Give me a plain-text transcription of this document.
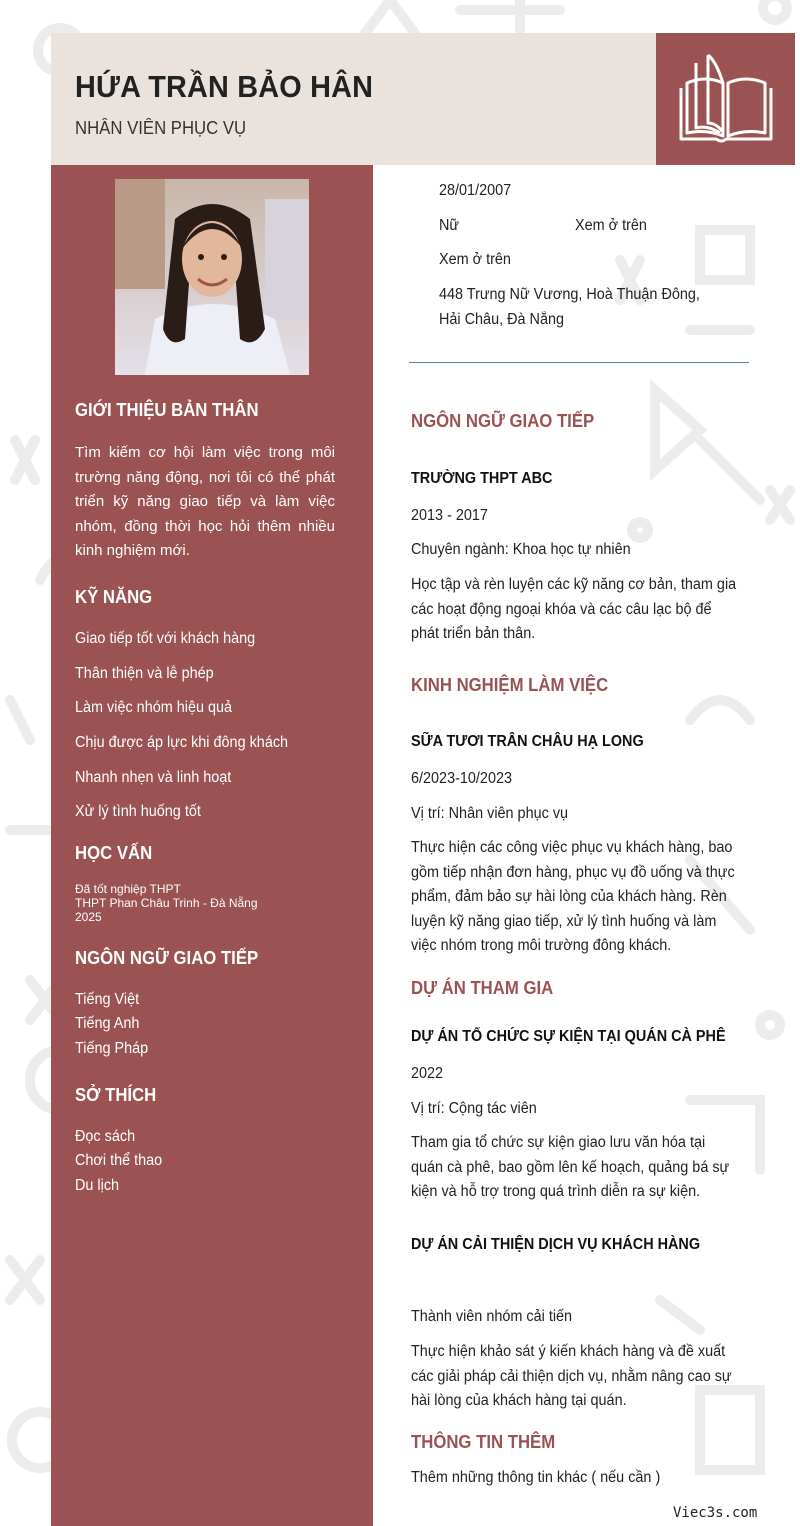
HỨA TRẦN BẢO HÂN
NHÂN VIÊN PHỤC VỤ
GIỚI THIỆU BẢN THÂN
Tìm kiếm cơ hội làm việc trong môi trường năng động, nơi tôi có thể phát triển kỹ năng giao tiếp và làm việc nhóm, đồng thời học hỏi thêm nhiều kinh nghiệm mới.
KỸ NĂNG
Giao tiếp tốt với khách hàng
Thân thiện và lễ phép
Làm việc nhóm hiệu quả
Chịu được áp lực khi đông khách
Nhanh nhẹn và linh hoạt
Xử lý tình huống tốt
HỌC VẤN
Đã tốt nghiệp THPT
THPT Phan Châu Trinh - Đà Nẵng
2025
NGÔN NGỮ GIAO TIẾP
Tiếng Việt
Tiếng Anh
Tiếng Pháp
SỞ THÍCH
Đọc sách
Chơi thể thao
Du lịch
28/01/2007
Nữ	Xem ở trên
Xem ở trên
448 Trưng Nữ Vương, Hoà Thuận Đông,
Hải Châu, Đà Nẵng
NGÔN NGỮ GIAO TIẾP
TRƯỜNG THPT ABC
2013 - 2017
Chuyên ngành: Khoa học tự nhiên
Học tập và rèn luyện các kỹ năng cơ bản, tham gia các hoạt động ngoại khóa và các câu lạc bộ để phát triển bản thân.
KINH NGHIỆM LÀM VIỆC
SỮA TƯƠI TRÂN CHÂU HẠ LONG
6/2023-10/2023
Vị trí: Nhân viên phục vụ
Thực hiện các công việc phục vụ khách hàng, bao gồm tiếp nhận đơn hàng, phục vụ đồ uống và thực phẩm, đảm bảo sự hài lòng của khách hàng. Rèn luyện kỹ năng giao tiếp, xử lý tình huống và làm việc nhóm trong môi trường đông khách.
DỰ ÁN THAM GIA
DỰ ÁN TỔ CHỨC SỰ KIỆN TẠI QUÁN CÀ PHÊ
2022
Vị trí: Cộng tác viên
Tham gia tổ chức sự kiện giao lưu văn hóa tại quán cà phê, bao gồm lên kế hoạch, quảng bá sự kiện và hỗ trợ trong quá trình diễn ra sự kiện.
DỰ ÁN CẢI THIỆN DỊCH VỤ KHÁCH HÀNG
Thành viên nhóm cải tiến
Thực hiện khảo sát ý kiến khách hàng và đề xuất các giải pháp cải thiện dịch vụ, nhằm nâng cao sự hài lòng của khách hàng tại quán.
THÔNG TIN THÊM
Thêm những thông tin khác ( nếu cần )
Viec3s.com
